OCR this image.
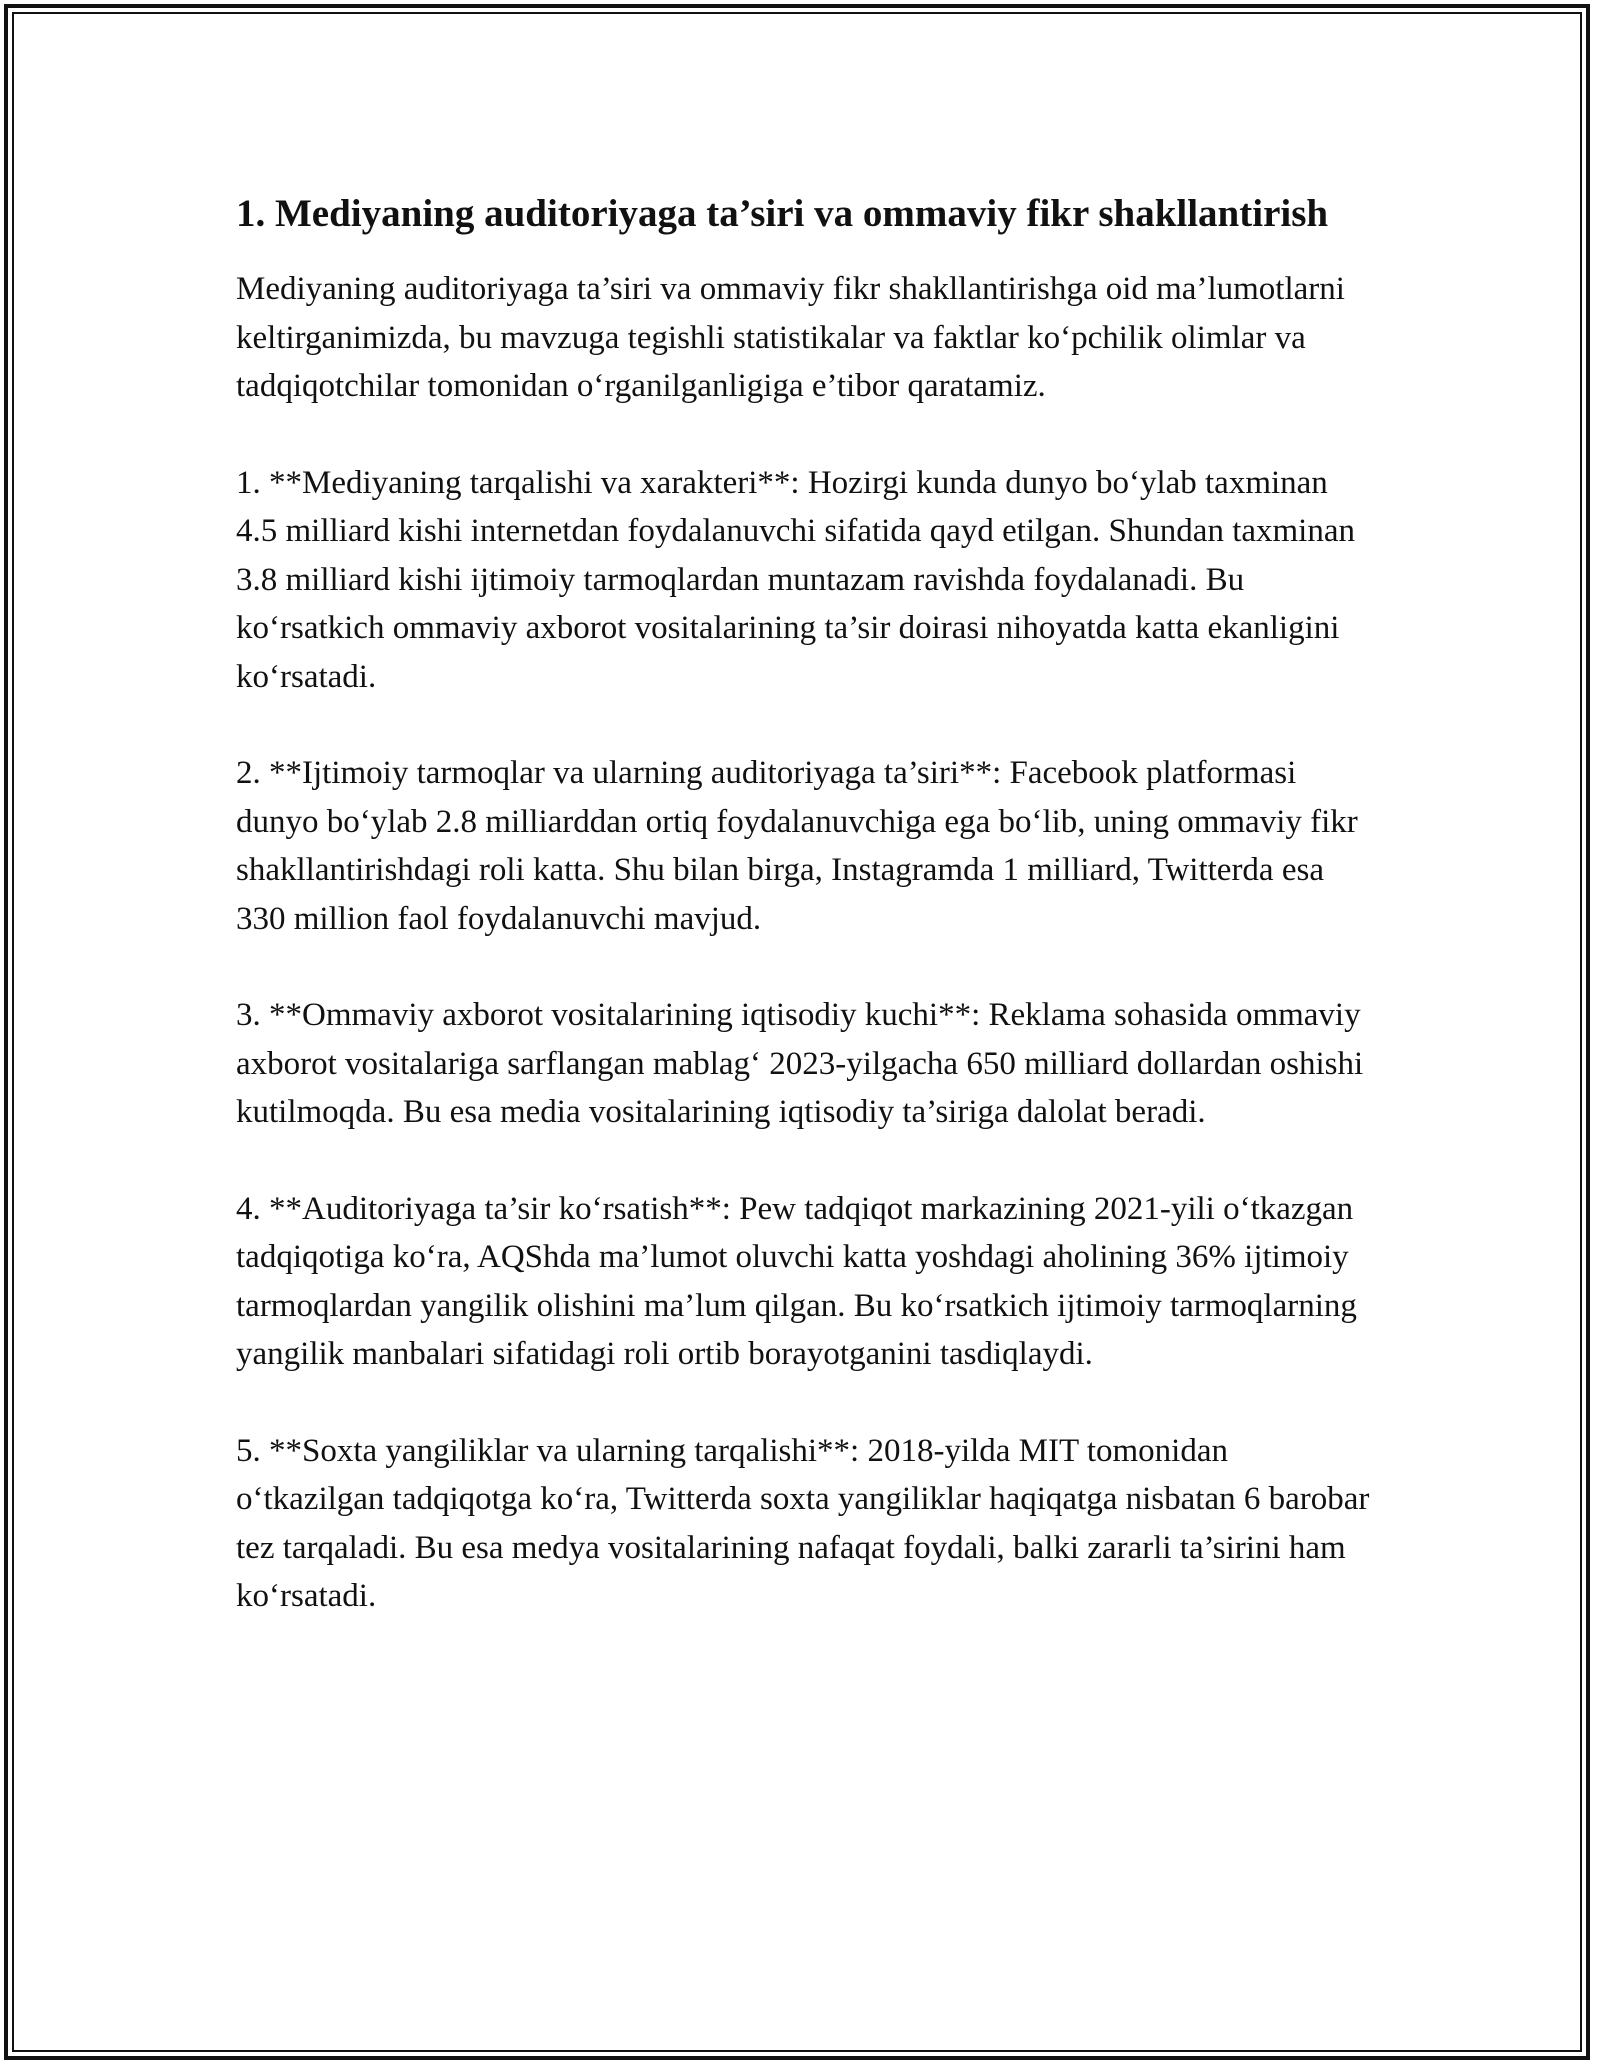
1. Mediyaning auditoriyaga ta’siri va ommaviy fikr shakllantirish

Mediyaning auditoriyaga ta’siri va ommaviy fikr shakllantirishga oid ma’lumotlarni keltirganimizda, bu mavzuga tegishli statistikalar va faktlar ko‘pchilik olimlar va tadqiqotchilar tomonidan o‘rganilganligiga e’tibor qaratamiz.

1. **Mediyaning tarqalishi va xarakteri**: Hozirgi kunda dunyo bo‘ylab taxminan 4.5 milliard kishi internetdan foydalanuvchi sifatida qayd etilgan. Shundan taxminan 3.8 milliard kishi ijtimoiy tarmoqlardan muntazam ravishda foydalanadi. Bu ko‘rsatkich ommaviy axborot vositalarining ta’sir doirasi nihoyatda katta ekanligini ko‘rsatadi.

2. **Ijtimoiy tarmoqlar va ularning auditoriyaga ta’siri**: Facebook platformasi dunyo bo‘ylab 2.8 milliarddan ortiq foydalanuvchiga ega bo‘lib, uning ommaviy fikr shakllantirishdagi roli katta. Shu bilan birga, Instagramda 1 milliard, Twitterda esa 330 million faol foydalanuvchi mavjud.

3. **Ommaviy axborot vositalarining iqtisodiy kuchi**: Reklama sohasida ommaviy axborot vositalariga sarflangan mablag‘ 2023-yilgacha 650 milliard dollardan oshishi kutilmoqda. Bu esa media vositalarining iqtisodiy ta’siriga dalolat beradi.

4. **Auditoriyaga ta’sir ko‘rsatish**: Pew tadqiqot markazining 2021-yili o‘tkazgan tadqiqotiga ko‘ra, AQShda ma’lumot oluvchi katta yoshdagi aholining 36% ijtimoiy tarmoqlardan yangilik olishini ma’lum qilgan. Bu ko‘rsatkich ijtimoiy tarmoqlarning yangilik manbalari sifatidagi roli ortib borayotganini tasdiqlaydi.

5. **Soxta yangiliklar va ularning tarqalishi**: 2018-yilda MIT tomonidan o‘tkazilgan tadqiqotga ko‘ra, Twitterda soxta yangiliklar haqiqatga nisbatan 6 barobar tez tarqaladi. Bu esa medya vositalarining nafaqat foydali, balki zararli ta’sirini ham ko‘rsatadi.
